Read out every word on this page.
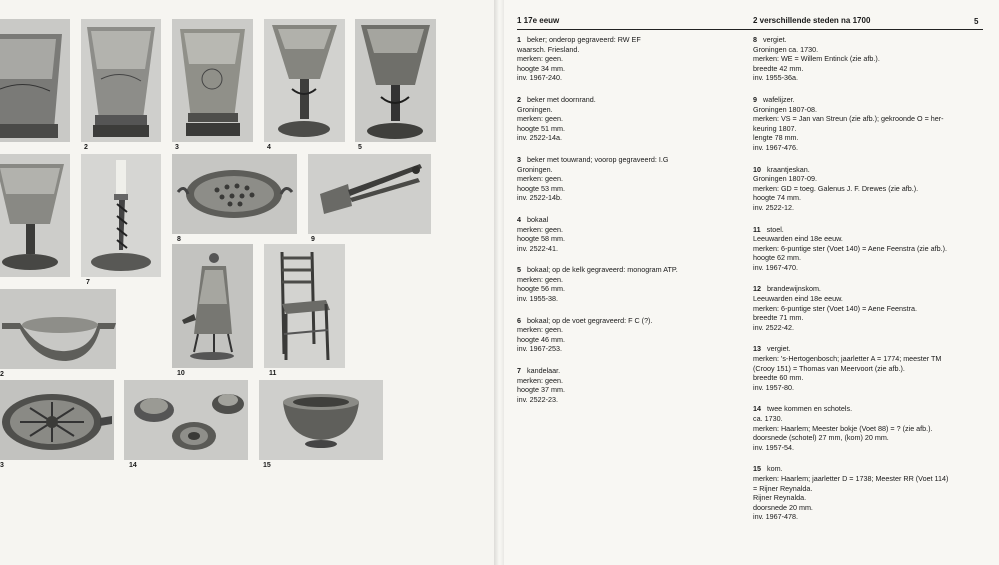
2	3	4	5
7
8	9
10	11
2
3	14	15
1 17e eeuw	2 verschillende steden na 1700	5
1 beker; onderop gegraveerd: RW EF
waarsch. Friesland.
merken: geen.
hoogte 34 mm.
inv. 1967-240.
2 beker met doornrand.
Groningen.
merken: geen.
hoogte 51 mm.
inv. 2522-14a.
3 beker met touwrand; voorop gegraveerd: I.G
Groningen.
merken: geen.
hoogte 53 mm.
inv. 2522-14b.
4 bokaal
merken: geen.
hoogte 58 mm.
inv. 2522-41.
5 bokaal; op de kelk gegraveerd: monogram ATP.
merken: geen.
hoogte 56 mm.
inv. 1955-38.
6 bokaal; op de voet gegraveerd: F C (?).
merken: geen.
hoogte 46 mm.
inv. 1967-253.
7 kandelaar.
merken: geen.
hoogte 37 mm.
inv. 2522-23.
8 vergiet.
Groningen ca. 1730.
merken: WE = Willem Entinck (zie afb.).
breedte 42 mm.
inv. 1955-36a.
9 wafelijzer.
Groningen 1807-08.
merken: VS = Jan van Streun (zie afb.); gekroonde O = her-
keuring 1807.
lengte 78 mm.
inv. 1967-476.
10 kraantjeskan.
Groningen 1807-09.
merken: GD = toeg. Galenus J. F. Drewes (zie afb.).
hoogte 74 mm.
inv. 2522-12.
11 stoel.
Leeuwarden eind 18e eeuw.
merken: 6-puntige ster (Voet 140) = Aene Feenstra (zie afb.).
hoogte 62 mm.
inv. 1967-470.
12 brandewijnskom.
Leeuwarden eind 18e eeuw.
merken: 6-puntige ster (Voet 140) = Aene Feenstra.
breedte 71 mm.
inv. 2522-42.
13 vergiet.
merken: 's-Hertogenbosch; jaarletter A = 1774; meester TM
(Crooy 151) = Thomas van Meervoort (zie afb.).
breedte 60 mm.
inv. 1957-80.
14 twee kommen en schotels.
ca. 1730.
merken: Haarlem; Meester bokje (Voet 88) = ? (zie afb.).
doorsnede (schotel) 27 mm, (kom) 20 mm.
inv. 1957-54.
15 kom.
merken: Haarlem; jaarletter D = 1738; Meester RR (Voet 114)
= Rijner Reynalda.
Rijner Reynalda.
doorsnede 20 mm.
inv. 1967-478.
